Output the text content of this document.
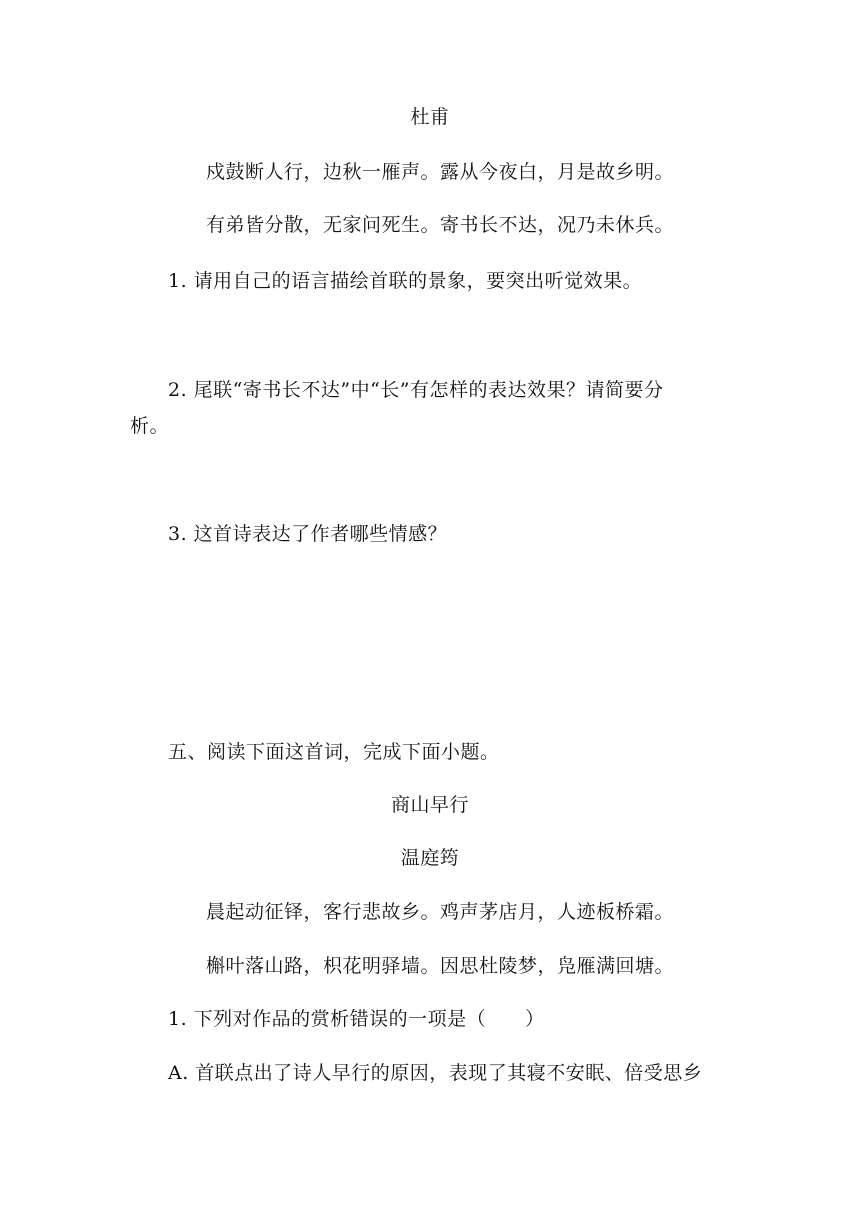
杜甫
戍鼓断人行，边秋一雁声。露从今夜白，月是故乡明。
有弟皆分散，无家问死生。寄书长不达，况乃未休兵。
1. 请用自己的语言描绘首联的景象，要突出听觉效果。
2. 尾联“寄书长不达”中“长”有怎样的表达效果？请简要分
析。
3. 这首诗表达了作者哪些情感？
五、阅读下面这首词，完成下面小题。
商山早行
温庭筠
晨起动征铎，客行悲故乡。鸡声茅店月，人迹板桥霜。
槲叶落山路，枳花明驿墙。因思杜陵梦，凫雁满回塘。
1. 下列对作品的赏析错误的一项是（　　）
A. 首联点出了诗人早行的原因，表现了其寝不安眠、倍受思乡
